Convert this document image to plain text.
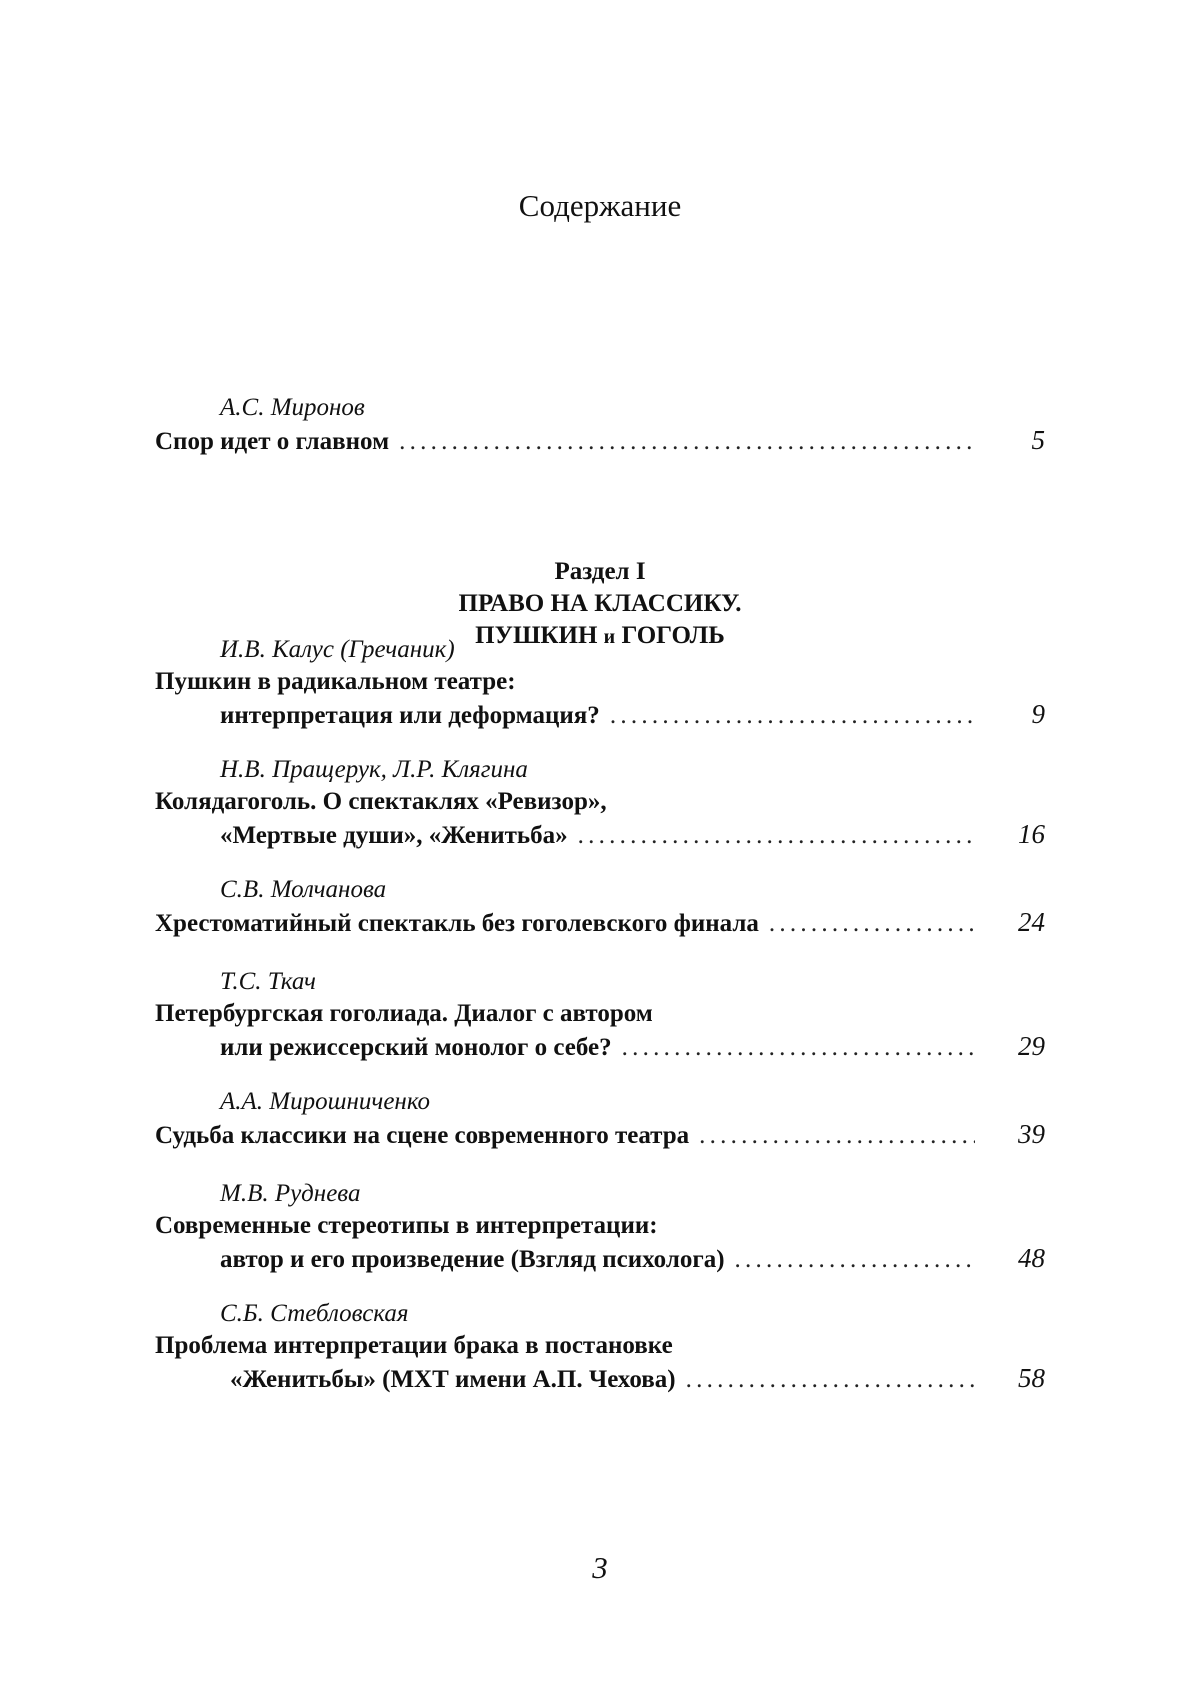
Содержание
А.С. Миронов
Спор идет о главном . . .	5
Раздел I
ПРАВО НА КЛАССИКУ.
ПУШКИН и ГОГОЛЬ
И.В. Калус (Гречаник)
Пушкин в радикальном театре:
интерпретация или деформация? . . .	9
Н.В. Пращерук, Л.Р. Клягина
Колядагоголь. О спектаклях «Ревизор»,
«Мертвые души», «Женитьба» . . .	16
С.В. Молчанова
Хрестоматийный спектакль без гоголевского финала . . .	24
Т.С. Ткач
Петербургская гоголиада. Диалог с автором
или режиссерский монолог о себе? . . .	29
А.А. Мирошниченко
Судьба классики на сцене современного театра . . .	39
М.В. Руднева
Современные стереотипы в интерпретации:
автор и его произведение (Взгляд психолога) . . .	48
С.Б. Стебловская
Проблема интерпретации брака в постановке
«Женитьбы» (МХТ имени А.П. Чехова) . . .	58
3
